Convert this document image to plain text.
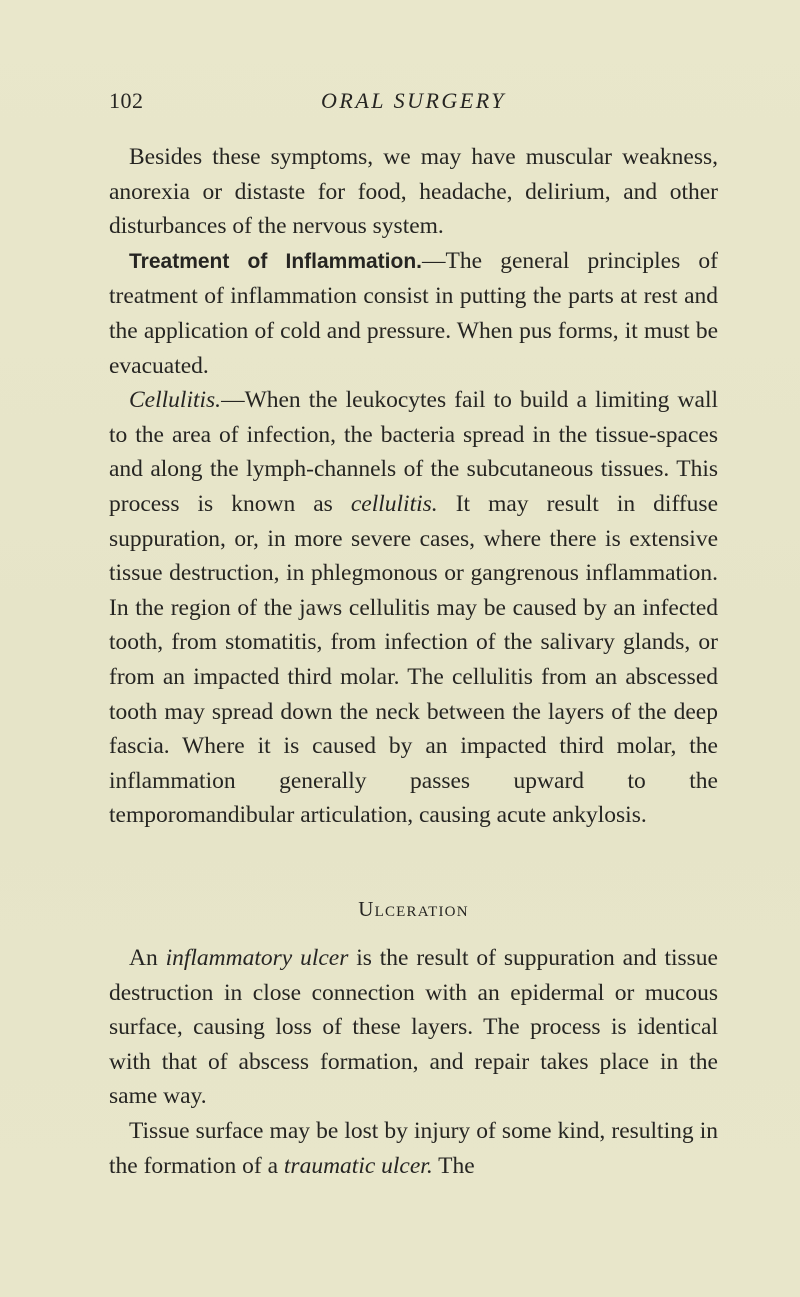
102	ORAL SURGERY

Besides these symptoms, we may have muscular weakness, anorexia or distaste for food, headache, delirium, and other disturbances of the nervous system.

Treatment of Inflammation.—The general principles of treatment of inflammation consist in putting the parts at rest and the application of cold and pressure. When pus forms, it must be evacuated.

Cellulitis.—When the leukocytes fail to build a limiting wall to the area of infection, the bacteria spread in the tissue-spaces and along the lymph-channels of the subcutaneous tissues. This process is known as cellulitis. It may result in diffuse suppuration, or, in more severe cases, where there is extensive tissue destruction, in phlegmonous or gangrenous inflammation. In the region of the jaws cellulitis may be caused by an infected tooth, from stomatitis, from infection of the salivary glands, or from an impacted third molar. The cellulitis from an abscessed tooth may spread down the neck between the layers of the deep fascia. Where it is caused by an impacted third molar, the inflammation generally passes upward to the temporomandibular articulation, causing acute ankylosis.

Ulceration

An inflammatory ulcer is the result of suppuration and tissue destruction in close connection with an epidermal or mucous surface, causing loss of these layers. The process is identical with that of abscess formation, and repair takes place in the same way.

Tissue surface may be lost by injury of some kind, resulting in the formation of a traumatic ulcer. The
